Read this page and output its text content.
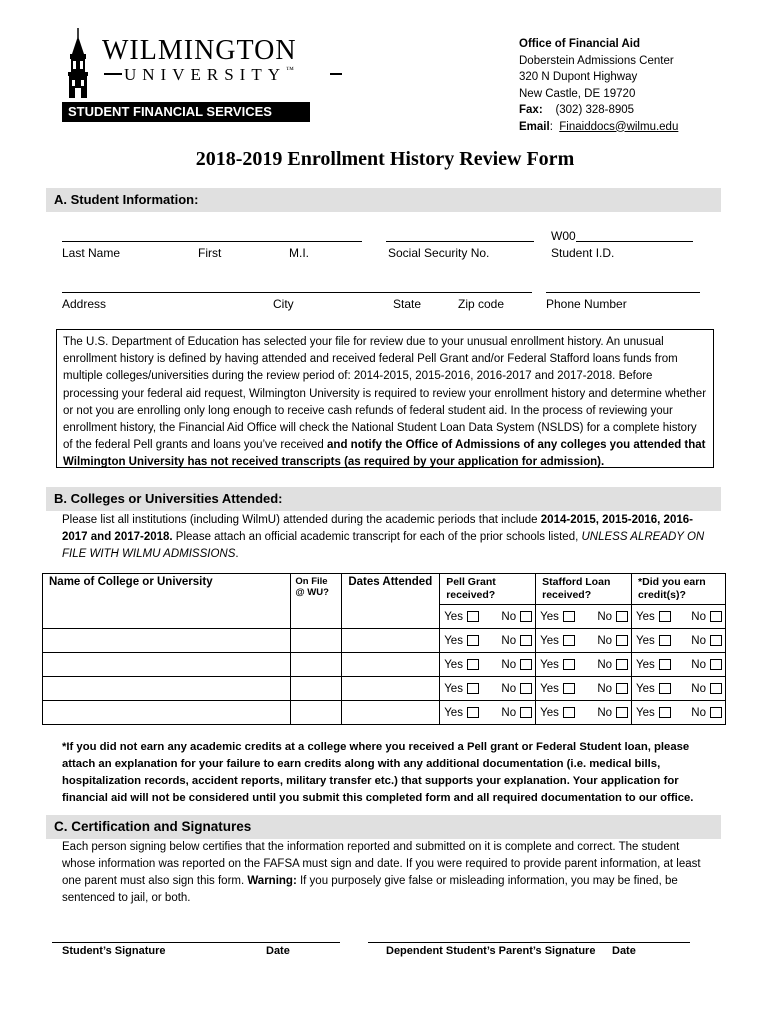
WILMINGTON
UNIVERSITY™
STUDENT FINANCIAL SERVICES
Office of Financial Aid
Doberstein Admissions Center
320 N Dupont Highway
New Castle, DE 19720
Fax: (302) 328-8905
Email:  Finaiddocs@wilmu.edu
2018-2019 Enrollment History Review Form
A. Student Information:
W00
Last Name	First	M.I.	Social Security No.	Student I.D.
Address	City	State	Zip code	Phone Number
The U.S. Department of Education has selected your file for review due to your unusual enrollment history. An unusual enrollment history is defined by having attended and received federal Pell Grant and/or Federal Stafford loans funds from multiple colleges/universities during the review period of: 2014-2015, 2015-2016, 2016-2017 and 2017-2018. Before processing your federal aid request, Wilmington University is required to review your enrollment history and determine whether or not you are enrolling only long enough to receive cash refunds of federal student aid. In the process of reviewing your enrollment history, the Financial Aid Office will check the National Student Loan Data System (NSLDS) for a complete history of the federal Pell grants and loans you’ve received and notify the Office of Admissions of any colleges you attended that Wilmington University has not received transcripts (as required by your application for admission).
B. Colleges or Universities Attended:
Please list all institutions (including WilmU) attended during the academic periods that include 2014-2015, 2015-2016, 2016-2017 and 2017-2018. Please attach an official academic transcript for each of the prior schools listed, UNLESS ALREADY ON FILE WITH WILMU ADMISSIONS.
Name of College or University	On File @ WU?	Dates Attended	Pell Grant received?	Stafford Loan received?	*Did you earn credit(s)?

			Yes No	Yes No	Yes No

			Yes No	Yes No	Yes No

			Yes No	Yes No	Yes No

			Yes No	Yes No	Yes No

			Yes No	Yes No	Yes No
*If you did not earn any academic credits at a college where you received a Pell grant or Federal Student loan, please attach an explanation for your failure to earn credits along with any additional documentation (i.e. medical bills, hospitalization records, accident reports, military transfer etc.) that supports your explanation. Your application for financial aid will not be considered until you submit this completed form and all required documentation to our office.
C. Certification and Signatures
Each person signing below certifies that the information reported and submitted on it is complete and correct. The student whose information was reported on the FAFSA must sign and date. If you were required to provide parent information, at least one parent must also sign this form. Warning: If you purposely give false or misleading information, you may be fined, be sentenced to jail, or both.
Student’s Signature	Date	Dependent Student’s Parent’s Signature Date
